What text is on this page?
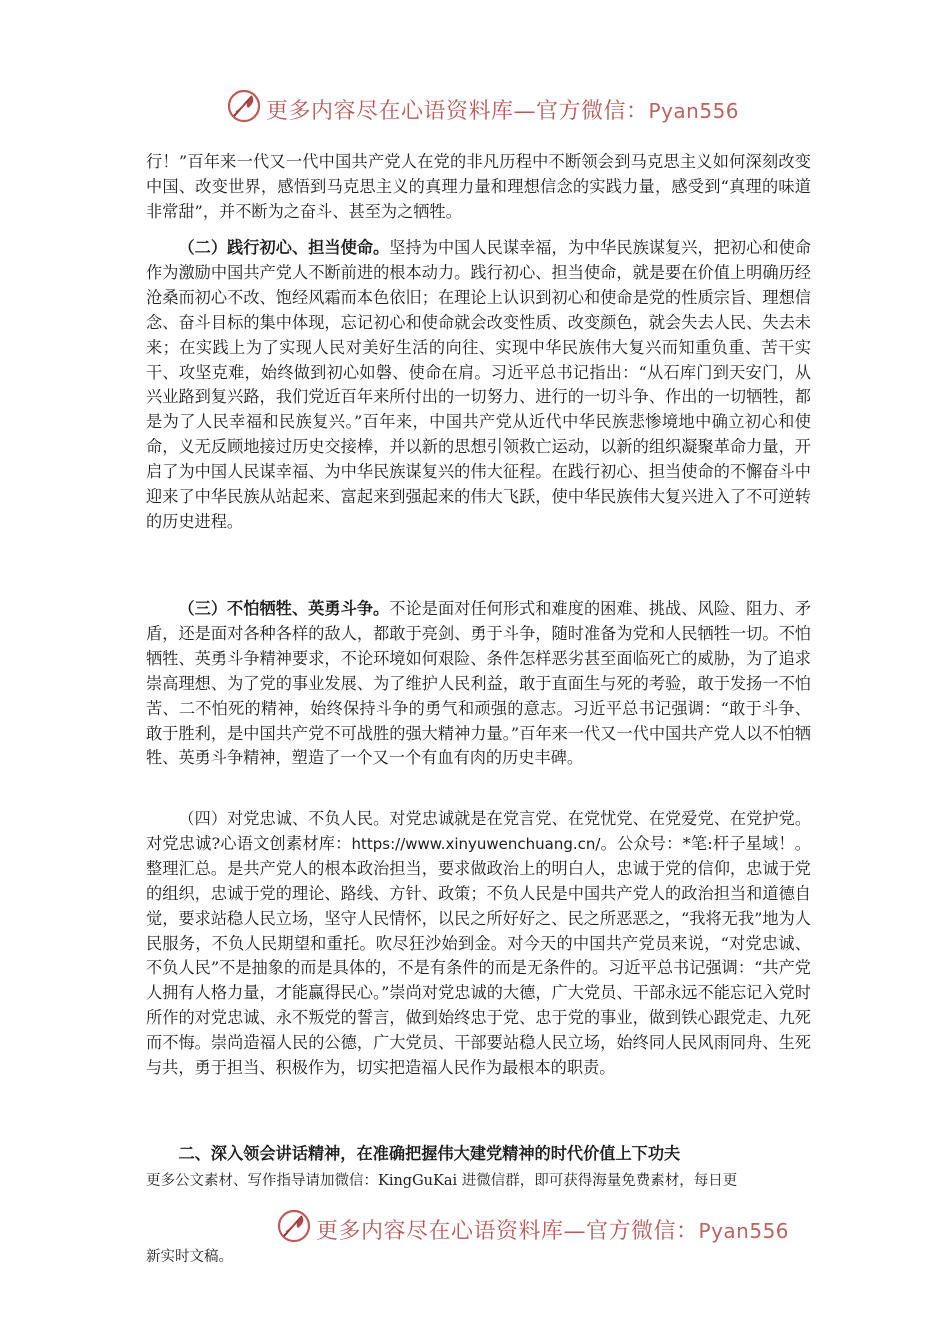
更多内容尽在心语资料库—官方微信：Pyan556

行！”百年来一代又一代中国共产党人在党的非凡历程中不断领会到马克思主义如何深刻改变中国、改变世界，感悟到马克思主义的真理力量和理想信念的实践力量，感受到“真理的味道非常甜”，并不断为之奋斗、甚至为之牺牲。

（二）践行初心、担当使命。坚持为中国人民谋幸福，为中华民族谋复兴，把初心和使命作为激励中国共产党人不断前进的根本动力。践行初心、担当使命，就是要在价值上明确历经沧桑而初心不改、饱经风霜而本色依旧；在理论上认识到初心和使命是党的性质宗旨、理想信念、奋斗目标的集中体现，忘记初心和使命就会改变性质、改变颜色，就会失去人民、失去未来；在实践上为了实现人民对美好生活的向往、实现中华民族伟大复兴而知重负重、苦干实干、攻坚克难，始终做到初心如磐、使命在肩。习近平总书记指出：“从石库门到天安门，从兴业路到复兴路，我们党近百年来所付出的一切努力、进行的一切斗争、作出的一切牺牲，都是为了人民幸福和民族复兴。”百年来，中国共产党从近代中华民族悲惨境地中确立初心和使命，义无反顾地接过历史交接棒，并以新的思想引领救亡运动，以新的组织凝聚革命力量，开启了为中国人民谋幸福、为中华民族谋复兴的伟大征程。在践行初心、担当使命的不懈奋斗中迎来了中华民族从站起来、富起来到强起来的伟大飞跃，使中华民族伟大复兴进入了不可逆转的历史进程。

（三）不怕牺牲、英勇斗争。不论是面对任何形式和难度的困难、挑战、风险、阻力、矛盾，还是面对各种各样的敌人，都敢于亮剑、勇于斗争，随时准备为党和人民牺牲一切。不怕牺牲、英勇斗争精神要求，不论环境如何艰险、条件怎样恶劣甚至面临死亡的威胁，为了追求崇高理想、为了党的事业发展、为了维护人民利益，敢于直面生与死的考验，敢于发扬一不怕苦、二不怕死的精神，始终保持斗争的勇气和顽强的意志。习近平总书记强调：“敢于斗争、敢于胜利，是中国共产党不可战胜的强大精神力量。”百年来一代又一代中国共产党人以不怕牺牲、英勇斗争精神，塑造了一个又一个有血有肉的历史丰碑。

（四）对党忠诚、不负人民。对党忠诚就是在党言党、在党忧党、在党爱党、在党护党。对党忠诚?心语文创素材库：https://www.xinyuwenchuang.cn/。公众号：*笔:杆子星域！。整理汇总。是共产党人的根本政治担当，要求做政治上的明白人，忠诚于党的信仰，忠诚于党的组织，忠诚于党的理论、路线、方针、政策；不负人民是中国共产党人的政治担当和道德自觉，要求站稳人民立场，坚守人民情怀，以民之所好好之、民之所恶恶之，“我将无我”地为人民服务，不负人民期望和重托。吹尽狂沙始到金。对今天的中国共产党员来说，“对党忠诚、不负人民”不是抽象的而是具体的，不是有条件的而是无条件的。习近平总书记强调：“共产党人拥有人格力量，才能赢得民心。”崇尚对党忠诚的大德，广大党员、干部永远不能忘记入党时所作的对党忠诚、永不叛党的誓言，做到始终忠于党、忠于党的事业，做到铁心跟党走、九死而不悔。崇尚造福人民的公德，广大党员、干部要站稳人民立场，始终同人民风雨同舟、生死与共，勇于担当、积极作为，切实把造福人民作为最根本的职责。

二、深入领会讲话精神，在准确把握伟大建党精神的时代价值上下功夫

更多公文素材、写作指导请加微信：KingGuKai 进微信群，即可获得海量免费素材，每日更

更多内容尽在心语资料库—官方微信：Pyan556

新实时文稿。
